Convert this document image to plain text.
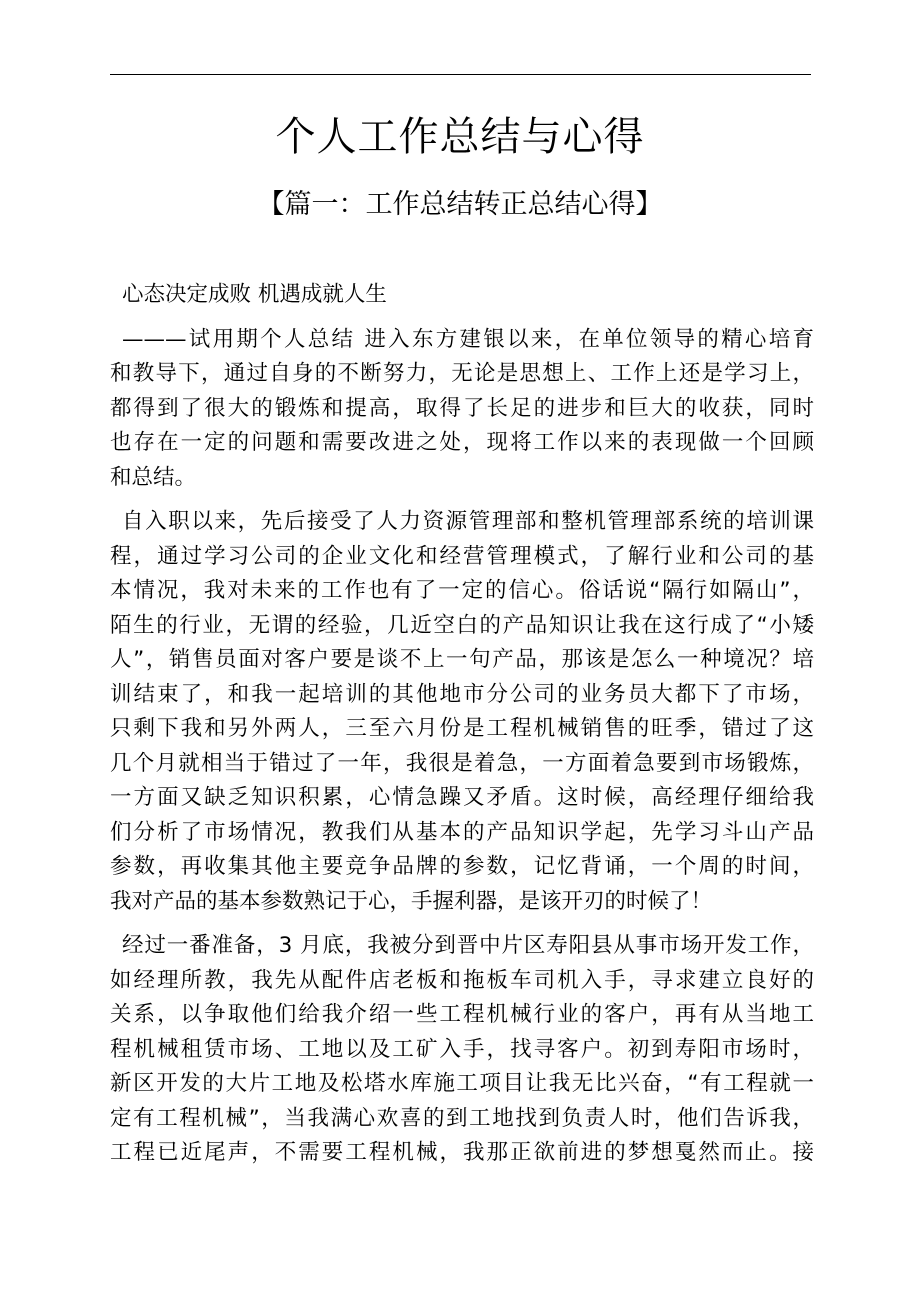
个人工作总结与心得
【篇一：工作总结转正总结心得】
心态决定成败 机遇成就人生
———试用期个人总结 进入东方建银以来，在单位领导的精心培育
和教导下，通过自身的不断努力，无论是思想上、工作上还是学习上，
都得到了很大的锻炼和提高，取得了长足的进步和巨大的收获，同时
也存在一定的问题和需要改进之处，现将工作以来的表现做一个回顾
和总结。
自入职以来，先后接受了人力资源管理部和整机管理部系统的培训课
程，通过学习公司的企业文化和经营管理模式，了解行业和公司的基
本情况，我对未来的工作也有了一定的信心。俗话说“隔行如隔山”，
陌生的行业，无谓的经验，几近空白的产品知识让我在这行成了“小矮
人”，销售员面对客户要是谈不上一句产品，那该是怎么一种境况？培
训结束了，和我一起培训的其他地市分公司的业务员大都下了市场，
只剩下我和另外两人，三至六月份是工程机械销售的旺季，错过了这
几个月就相当于错过了一年，我很是着急，一方面着急要到市场锻炼，
一方面又缺乏知识积累，心情急躁又矛盾。这时候，高经理仔细给我
们分析了市场情况，教我们从基本的产品知识学起，先学习斗山产品
参数，再收集其他主要竞争品牌的参数，记忆背诵，一个周的时间，
我对产品的基本参数熟记于心，手握利器，是该开刃的时候了！
经过一番准备，3 月底，我被分到晋中片区寿阳县从事市场开发工作，
如经理所教，我先从配件店老板和拖板车司机入手，寻求建立良好的
关系，以争取他们给我介绍一些工程机械行业的客户，再有从当地工
程机械租赁市场、工地以及工矿入手，找寻客户。初到寿阳市场时，
新区开发的大片工地及松塔水库施工项目让我无比兴奋，“有工程就一
定有工程机械”，当我满心欢喜的到工地找到负责人时，他们告诉我，
工程已近尾声，不需要工程机械，我那正欲前进的梦想戛然而止。接
